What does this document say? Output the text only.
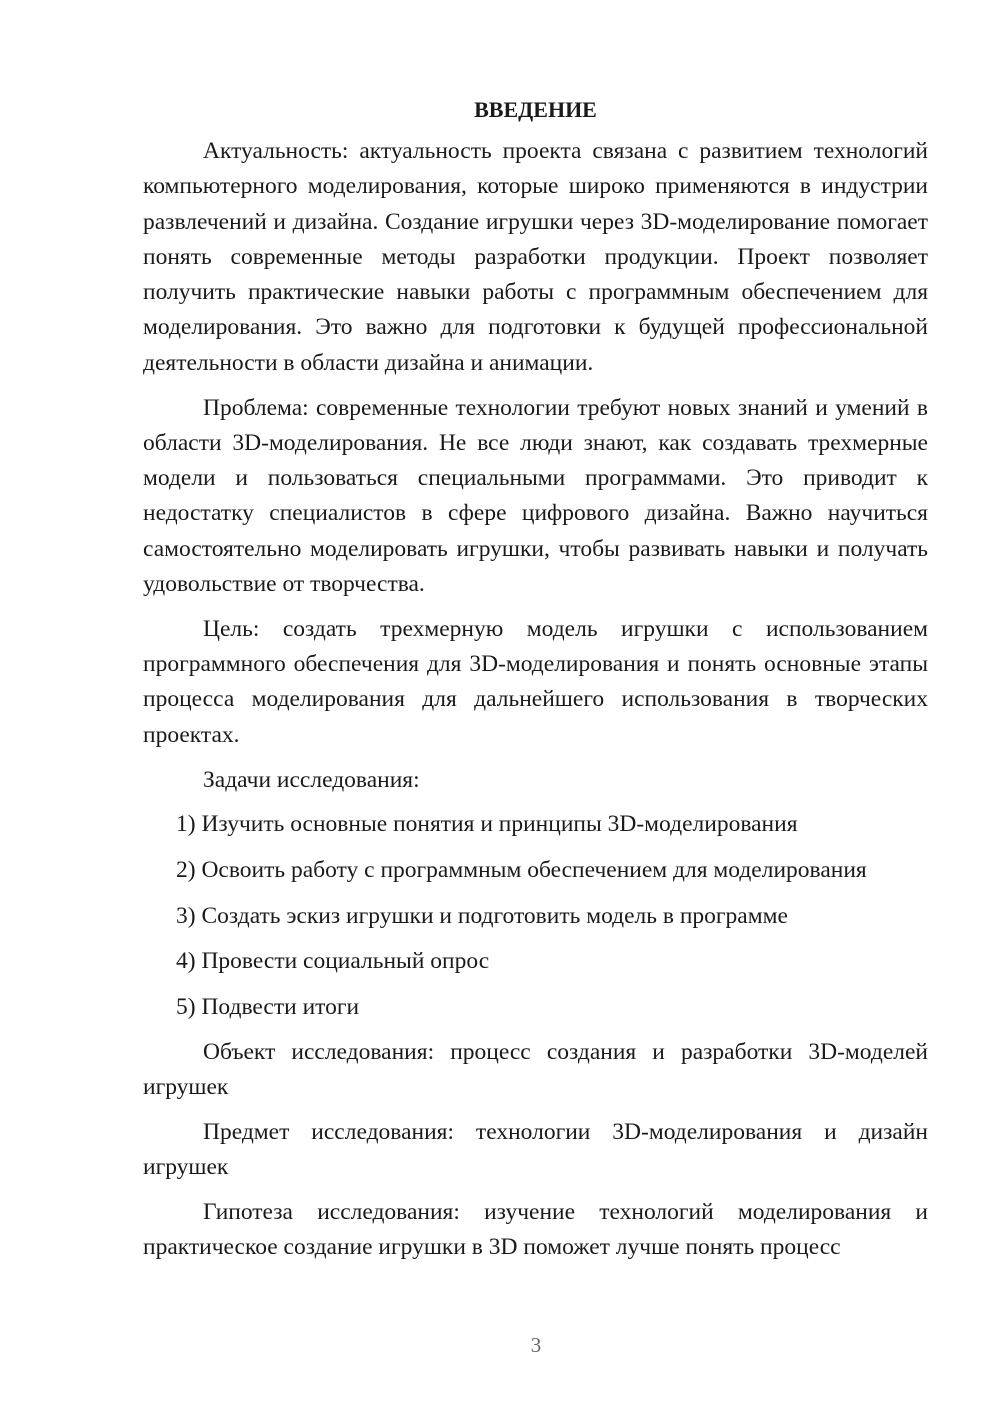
ВВЕДЕНИЕ

Актуальность: актуальность проекта связана с развитием технологий компьютерного моделирования, которые широко применяются в индустрии развлечений и дизайна. Создание игрушки через 3D-моделирование помогает понять современные методы разработки продукции. Проект позволяет получить практические навыки работы с программным обеспечением для моделирования. Это важно для подготовки к будущей профессиональной деятельности в области дизайна и анимации.

Проблема: современные технологии требуют новых знаний и умений в области 3D-моделирования. Не все люди знают, как создавать трехмерные модели и пользоваться специальными программами. Это приводит к недостатку специалистов в сфере цифрового дизайна. Важно научиться самостоятельно моделировать игрушки, чтобы развивать навыки и получать удовольствие от творчества.

Цель: создать трехмерную модель игрушки с использованием программного обеспечения для 3D-моделирования и понять основные этапы процесса моделирования для дальнейшего использования в творческих проектах.

Задачи исследования:

1) Изучить основные понятия и принципы 3D-моделирования
2) Освоить работу с программным обеспечением для моделирования
3) Создать эскиз игрушки и подготовить модель в программе
4) Провести социальный опрос
5) Подвести итоги

Объект исследования: процесс создания и разработки 3D-моделей игрушек

Предмет исследования: технологии 3D-моделирования и дизайн игрушек

Гипотеза исследования: изучение технологий моделирования и практическое создание игрушки в 3D поможет лучше понять процесс

3
